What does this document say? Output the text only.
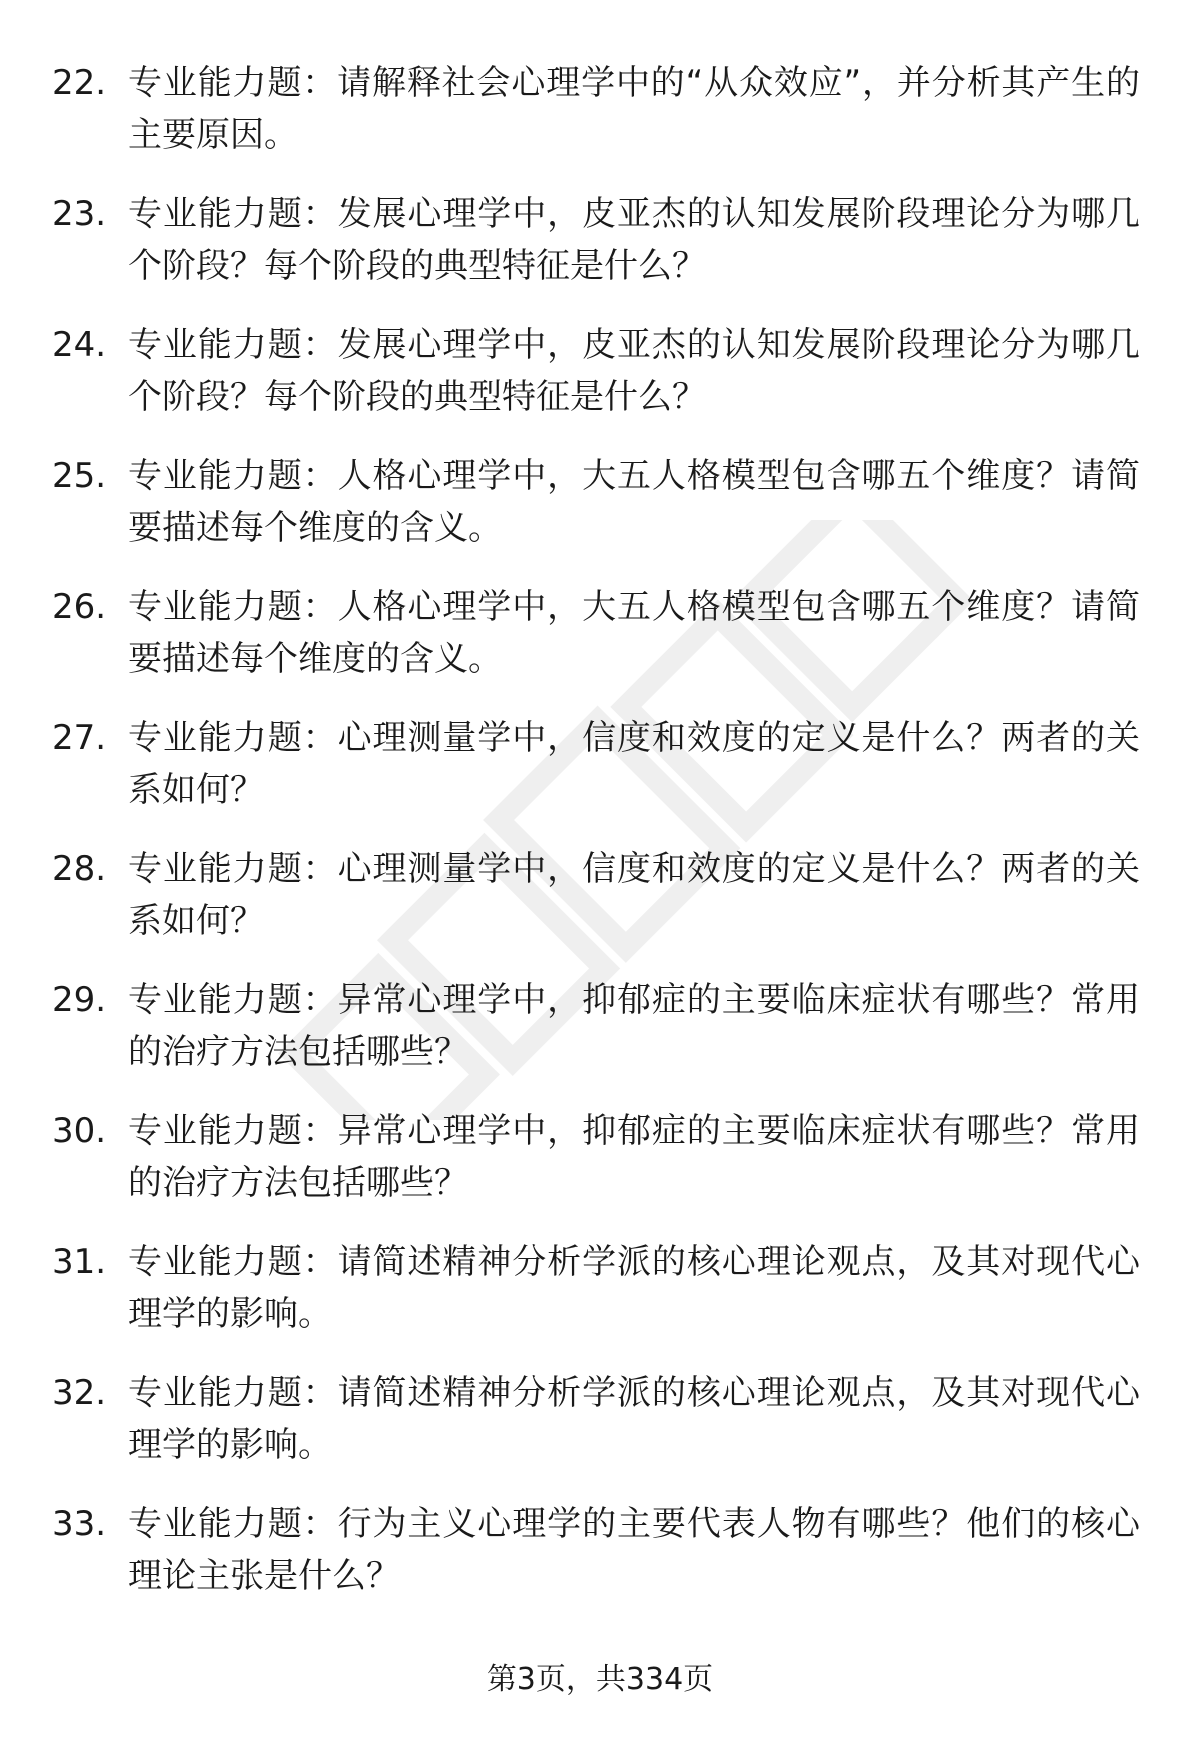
22. 专业能力题：请解释社会心理学中的“从众效应”，并分析其产生的主要原因。
23. 专业能力题：发展心理学中，皮亚杰的认知发展阶段理论分为哪几个阶段？每个阶段的典型特征是什么？
24. 专业能力题：发展心理学中，皮亚杰的认知发展阶段理论分为哪几个阶段？每个阶段的典型特征是什么？
25. 专业能力题：人格心理学中，大五人格模型包含哪五个维度？请简要描述每个维度的含义。
26. 专业能力题：人格心理学中，大五人格模型包含哪五个维度？请简要描述每个维度的含义。
27. 专业能力题：心理测量学中，信度和效度的定义是什么？两者的关系如何？
28. 专业能力题：心理测量学中，信度和效度的定义是什么？两者的关系如何？
29. 专业能力题：异常心理学中，抑郁症的主要临床症状有哪些？常用的治疗方法包括哪些？
30. 专业能力题：异常心理学中，抑郁症的主要临床症状有哪些？常用的治疗方法包括哪些？
31. 专业能力题：请简述精神分析学派的核心理论观点，及其对现代心理学的影响。
32. 专业能力题：请简述精神分析学派的核心理论观点，及其对现代心理学的影响。
33. 专业能力题：行为主义心理学的主要代表人物有哪些？他们的核心理论主张是什么？
第3页，共334页
